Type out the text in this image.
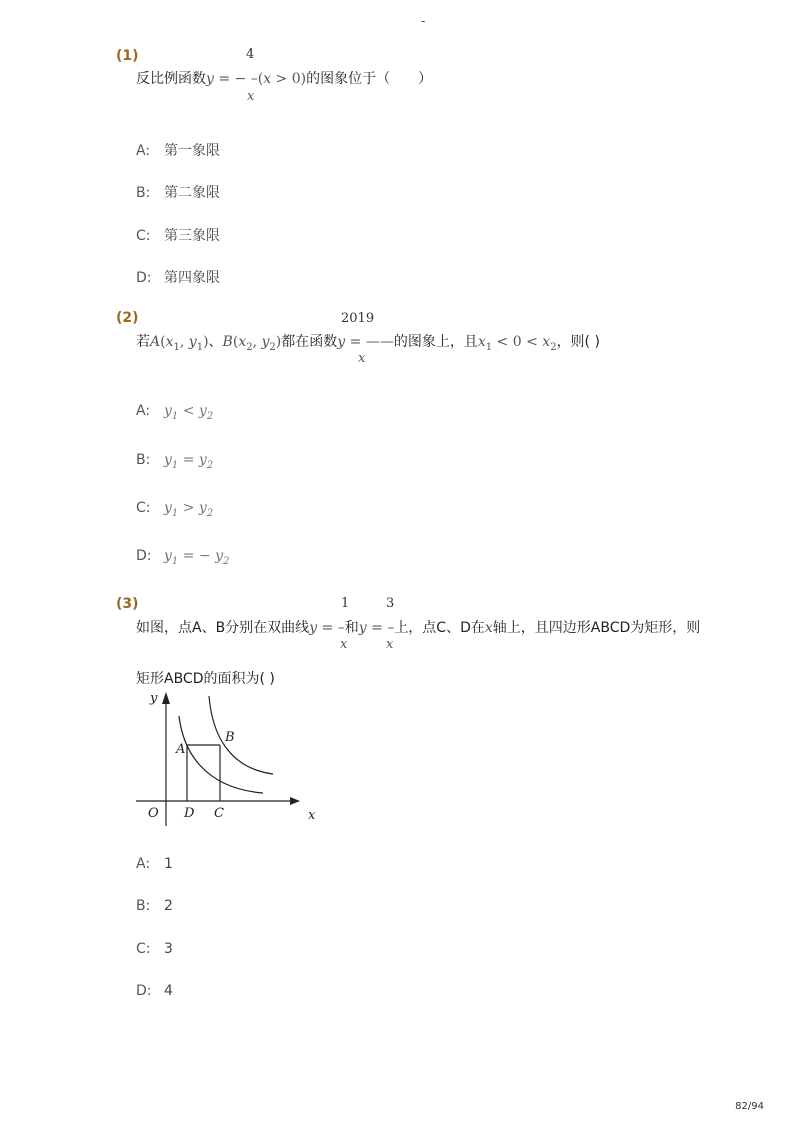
-
(1)	4
反比例函数y = − –(x > 0)的图象位于（　　）
x
A: 第一象限
B: 第二象限
C: 第三象限
D: 第四象限
(2)	2019
若$A(x_1$, $y_1$)、$B(x_2$, $y_2$)都在函数y = ——的图象上，且$x_1 < 0 < x_2$，则( )
x
A: $y_1 < y_2$
B: $y_1 = y_2$
C: $y_1 > y_2$
D: $y_1$ = − $y_2$
(3)	1	3
如图，点A、B分别在双曲线y = –和y = –上，点C、D在x轴上，且四边形ABCD为矩形，则
x	x
矩形ABCD的面积为( )
y
x
O D C
A
B
A: 1
B: 2
C: 3
D: 4
82/94
